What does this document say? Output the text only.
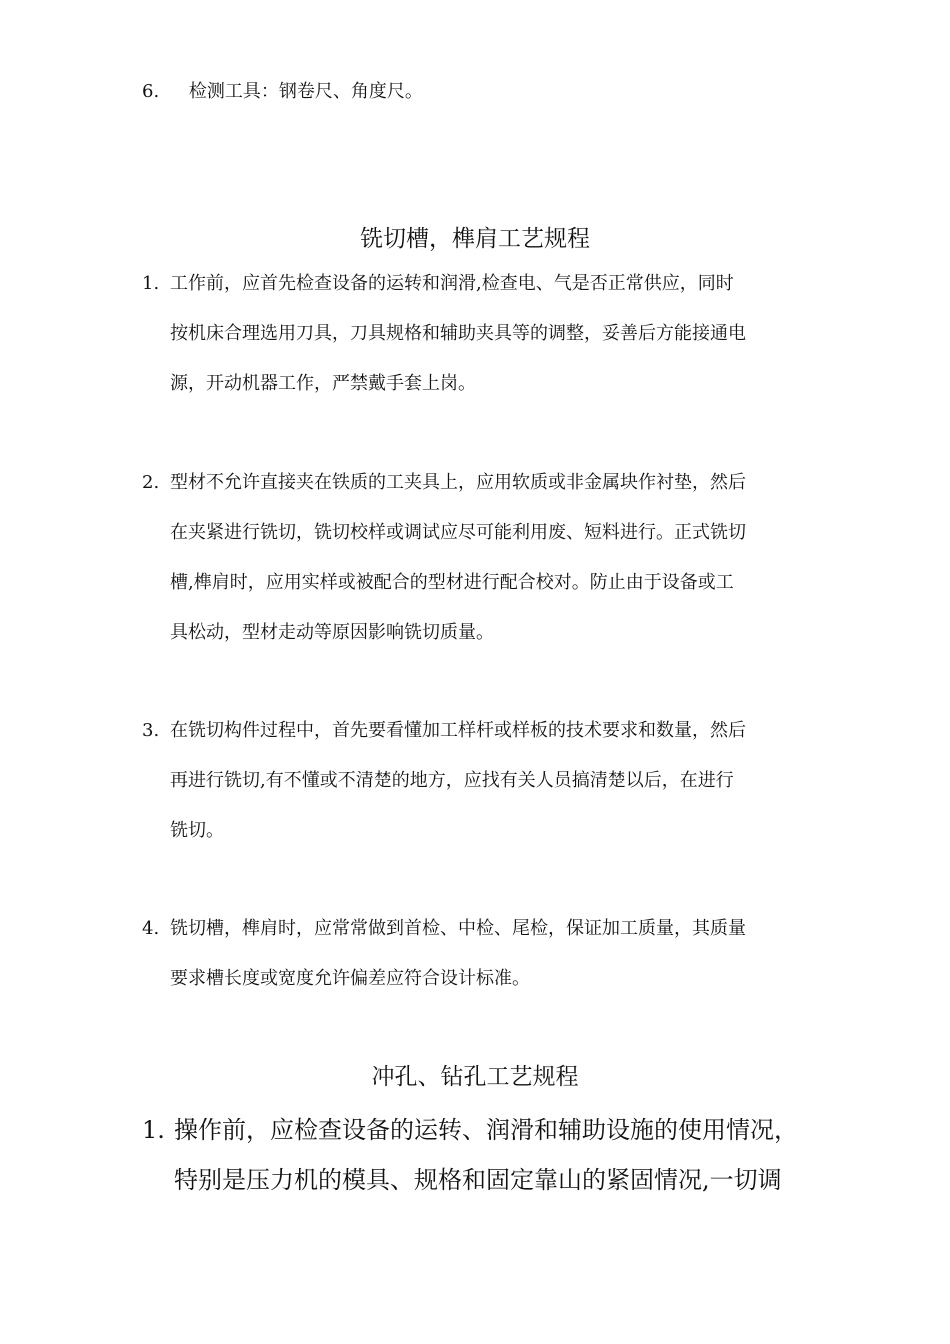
6. 检测工具：钢卷尺、角度尺。
铣切槽，榫肩工艺规程
1. 工作前，应首先检查设备的运转和润滑,检查电、气是否正常供应，同时
按机床合理选用刀具，刀具规格和辅助夹具等的调整，妥善后方能接通电
源，开动机器工作，严禁戴手套上岗。
2. 型材不允许直接夹在铁质的工夹具上，应用软质或非金属块作衬垫，然后
在夹紧进行铣切，铣切校样或调试应尽可能利用废、短料进行。正式铣切
槽,榫肩时，应用实样或被配合的型材进行配合校对。防止由于设备或工
具松动，型材走动等原因影响铣切质量。
3. 在铣切构件过程中，首先要看懂加工样杆或样板的技术要求和数量，然后
再进行铣切,有不懂或不清楚的地方，应找有关人员搞清楚以后，在进行
铣切。
4. 铣切槽，榫肩时，应常常做到首检、中检、尾检，保证加工质量，其质量
要求槽长度或宽度允许偏差应符合设计标准。
冲孔、钻孔工艺规程
1. 操作前，应检查设备的运转、润滑和辅助设施的使用情况，
特别是压力机的模具、规格和固定靠山的紧固情况,一切调
